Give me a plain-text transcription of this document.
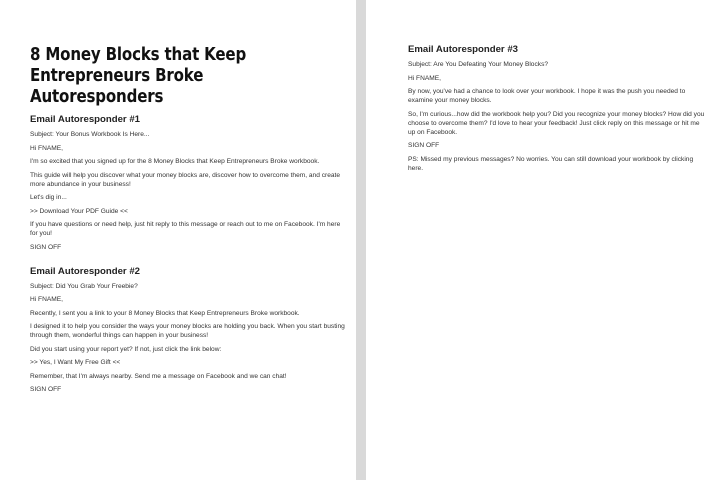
8 Money Blocks that Keep Entrepreneurs Broke Autoresponders
Email Autoresponder #1
Subject: Your Bonus Workbook Is Here...
Hi FNAME,
I'm so excited that you signed up for the 8 Money Blocks that Keep Entrepreneurs Broke workbook.
This guide will help you discover what your money blocks are, discover how to overcome them, and create more abundance in your business!
Let's dig in...
>> Download Your PDF Guide <<
If you have questions or need help, just hit reply to this message or reach out to me on Facebook. I'm here for you!
SIGN OFF
Email Autoresponder #2
Subject: Did You Grab Your Freebie?
Hi FNAME,
Recently, I sent you a link to your 8 Money Blocks that Keep Entrepreneurs Broke workbook.
I designed it to help you consider the ways your money blocks are holding you back. When you start busting through them, wonderful things can happen in your business!
Did you start using your report yet? If not, just click the link below:
>> Yes, I Want My Free Gift <<
Remember, that I'm always nearby. Send me a message on Facebook and we can chat!
SIGN OFF
Email Autoresponder #3
Subject: Are You Defeating Your Money Blocks?
Hi FNAME,
By now, you've had a chance to look over your workbook. I hope it was the push you needed to examine your money blocks.
So, I'm curious...how did the workbook help you? Did you recognize your money blocks? How did you choose to overcome them? I'd love to hear your feedback! Just click reply on this message or hit me up on Facebook.
SIGN OFF
PS: Missed my previous messages? No worries. You can still download your workbook by clicking here.
